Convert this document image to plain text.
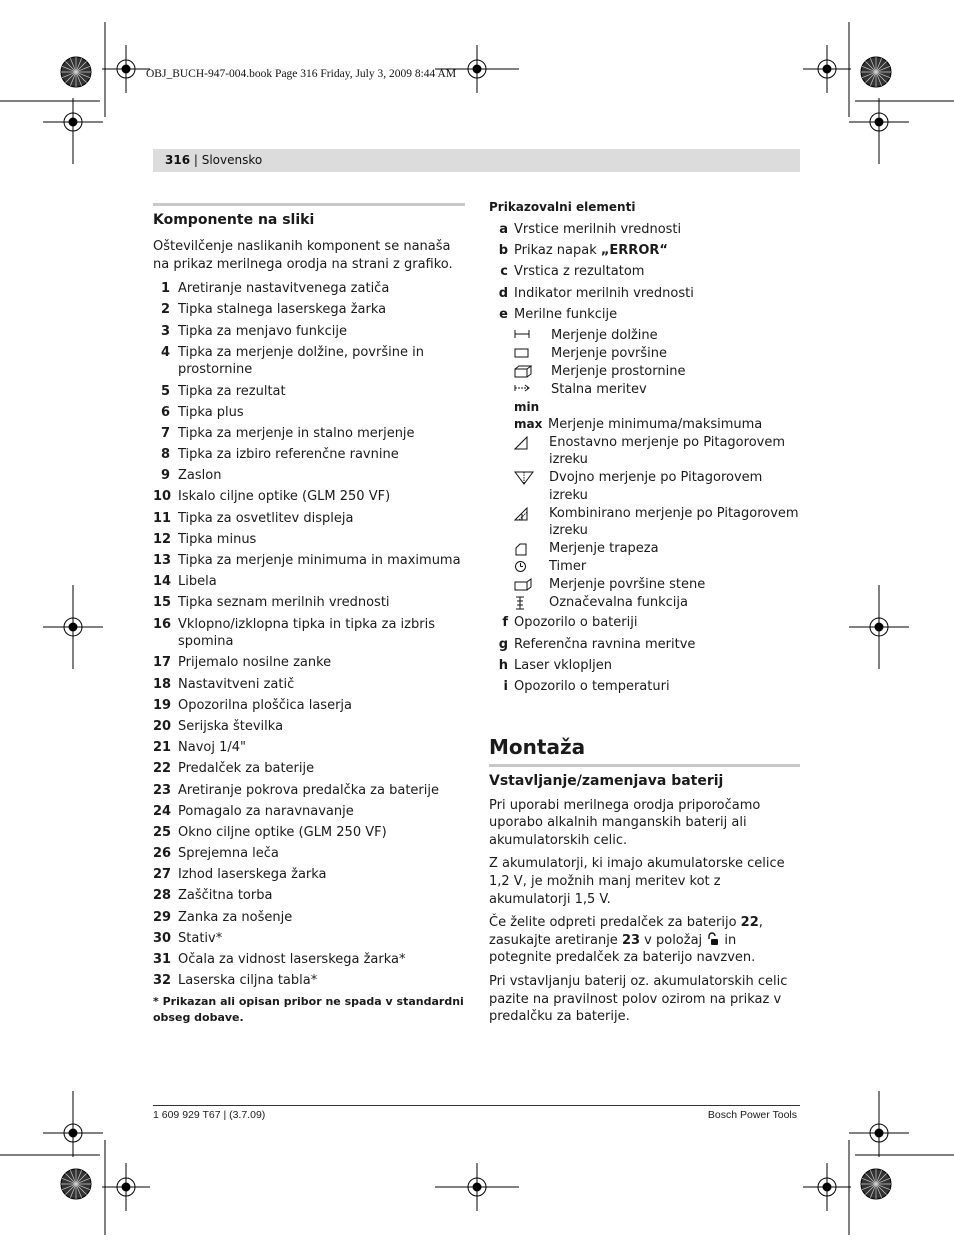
OBJ_BUCH-947-004.book Page 316 Friday, July 3, 2009 8:44 AM
316 | Slovensko
Komponente na sliki

Oštevilčenje naslikanih komponent se nanaša na prikaz merilnega orodja na strani z grafiko.

1 Aretiranje nastavitvenega zatiča
2 Tipka stalnega laserskega žarka
3 Tipka za menjavo funkcije
4 Tipka za merjenje dolžine, površine in prostornine
5 Tipka za rezultat
6 Tipka plus
7 Tipka za merjenje in stalno merjenje
8 Tipka za izbiro referenčne ravnine
9 Zaslon
10 Iskalo ciljne optike (GLM 250 VF)
11 Tipka za osvetlitev displeja
12 Tipka minus
13 Tipka za merjenje minimuma in maximuma
14 Libela
15 Tipka seznam merilnih vrednosti
16 Vklopno/izklopna tipka in tipka za izbris spomina
17 Prijemalo nosilne zanke
18 Nastavitveni zatič
19 Opozorilna ploščica laserja
20 Serijska številka
21 Navoj 1/4"
22 Predalček za baterije
23 Aretiranje pokrova predalčka za baterije
24 Pomagalo za naravnavanje
25 Okno ciljne optike (GLM 250 VF)
26 Sprejemna leča
27 Izhod laserskega žarka
28 Zaščitna torba
29 Zanka za nošenje
30 Stativ*
31 Očala za vidnost laserskega žarka*
32 Laserska ciljna tabla*
* Prikazan ali opisan pribor ne spada v standardni obseg dobave.
Prikazovalni elementi
a Vrstice merilnih vrednosti
b Prikaz napak „ERROR“
c Vrstica z rezultatom
d Indikator merilnih vrednosti
e Merilne funkcije
Merjenje dolžine
Merjenje površine
Merjenje prostornine
Stalna meritev
min
max Merjenje minimuma/maksimuma
Enostavno merjenje po Pitagorovem izreku
Dvojno merjenje po Pitagorovem izreku
Kombinirano merjenje po Pitagorovem izreku
Merjenje trapeza
Timer
Merjenje površine stene
Označevalna funkcija
f Opozorilo o bateriji
g Referenčna ravnina meritve
h Laser vklopljen
i Opozorilo o temperaturi
Montaža
Vstavljanje/zamenjava baterij

Pri uporabi merilnega orodja priporočamo uporabo alkalnih manganskih baterij ali akumulatorskih celic.

Z akumulatorji, ki imajo akumulatorske celice 1,2 V, je možnih manj meritev kot z akumulatorji 1,5 V.

Če želite odpreti predalček za baterijo 22, zasukajte aretiranje 23 v položaj  in potegnite predalček za baterijo navzven.

Pri vstavljanju baterij oz. akumulatorskih celic pazite na pravilnost polov ozirom na prikaz v predalčku za baterije.

1 609 929 T67 | (3.7.09)	Bosch Power Tools
